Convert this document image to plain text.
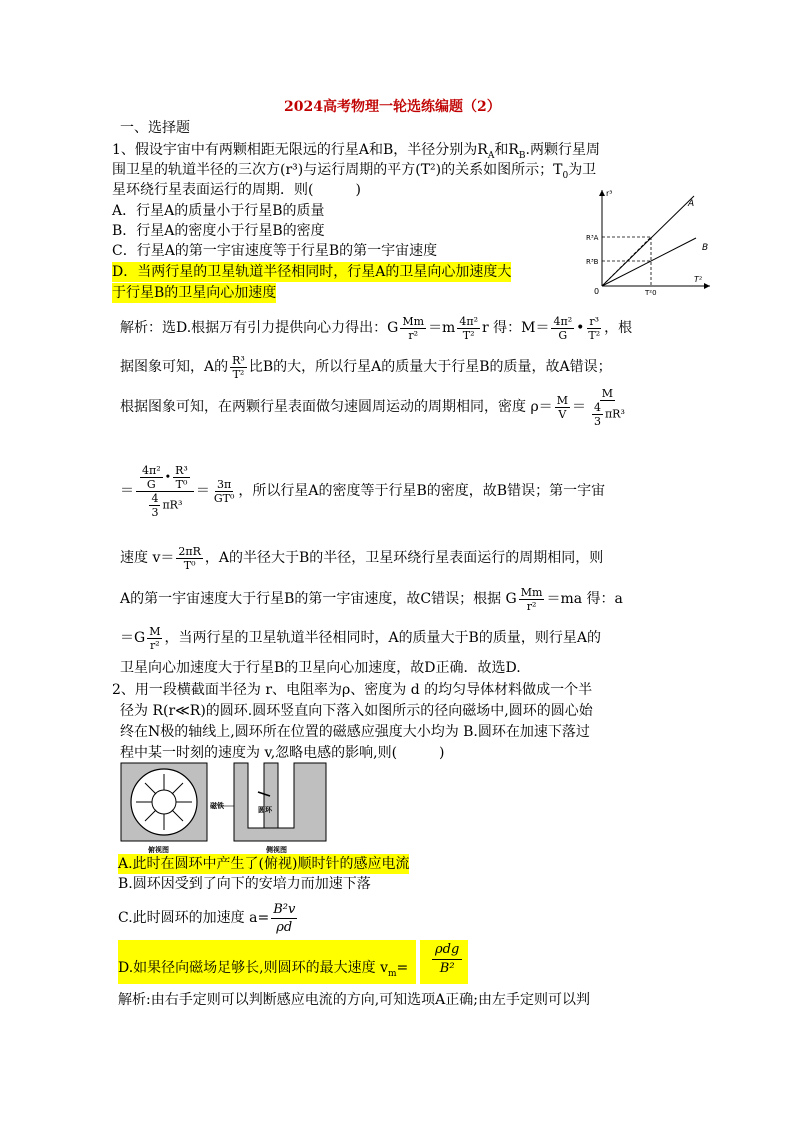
2024高考物理一轮选练编题（2）
一、选择题
1、假设宇宙中有两颗相距无限远的行星A和B，半径分别为$R_A$和$R_B$.两颗行星周
围卫星的轨道半径的三次方(r³)与运行周期的平方(T²)的关系如图所示；$T_0$为卫
星环绕行星表面运行的周期．则(　　　)
A．行星A的质量小于行星B的质量
B．行星A的密度小于行星B的密度
C．行星A的第一宇宙速度等于行星B的第一宇宙速度
D．当两行星的卫星轨道半径相同时，行星A的卫星向心加速度大
于行星B的卫星向心加速度
r³
T²
A
B
R³A
R³B
0	T²0
解析：选D.根据万有引力提供向心力得出：G $\frac{Mm}{\text{r²}} =m \frac{\text{4π²}}{\text{T²}}$ r 得：$M= \frac{\text{4π²}}{G}$ • $\frac{\text{r³}}{\text{T²}}$ ，根
据图象可知，A的 $\frac{\text{R³}}{\text{T²}}$ 比B的大，所以行星A的质量大于行星B的质量，故A错误；
根据图象可知，在两颗行星表面做匀速圆周运动的周期相同，密度 $\rho= \frac{M}{V} = \frac{M}{\frac{4}{3} \pi R^3}$
＝ $\frac{\frac{\text{4π²}}{G} • \frac{\text{R³}}{\text{T⁰}}}{\frac{4}{3} \pi R^3} = \frac{3\pi}{\text{GT⁰}}$ ，所以行星A的密度等于行星B的密度，故B错误；第一宇宙
速度 $v= \frac{2\pi R}{\text{T⁰}}$ ，A的半径大于B的半径，卫星环绕行星表面运行的周期相同，则
A的第一宇宙速度大于行星B的第一宇宙速度，故C错误；根据 G $\frac{Mm}{\text{r²}} =ma$ 得：a
$=G \frac{M}{\text{r²}}$ ，当两行星的卫星轨道半径相同时，A的质量大于B的质量，则行星A的
卫星向心加速度大于行星B的卫星向心加速度，故D正确．故选D.
2、用一段横截面半径为 r、电阻率为ρ、密度为 d 的均匀导体材料做成一个半
径为 R(r≪R)的圆环.圆环竖直向下落入如图所示的径向磁场中,圆环的圆心始
终在N极的轴线上,圆环所在位置的磁感应强度大小均为 B.圆环在加速下落过
程中某一时刻的速度为 v,忽略电感的影响,则(　　　)
磁铁	圆环
俯视图	侧视图
A.此时在圆环中产生了(俯视)顺时针的感应电流
B.圆环因受到了向下的安培力而加速下落
C.此时圆环的加速度 $a= \frac{\text{B²v}}{\rho d}$
D.如果径向磁场足够长,则圆环的最大速度 $v_m=$
ρdg
B²
解析:由右手定则可以判断感应电流的方向,可知选项A正确;由左手定则可以判
